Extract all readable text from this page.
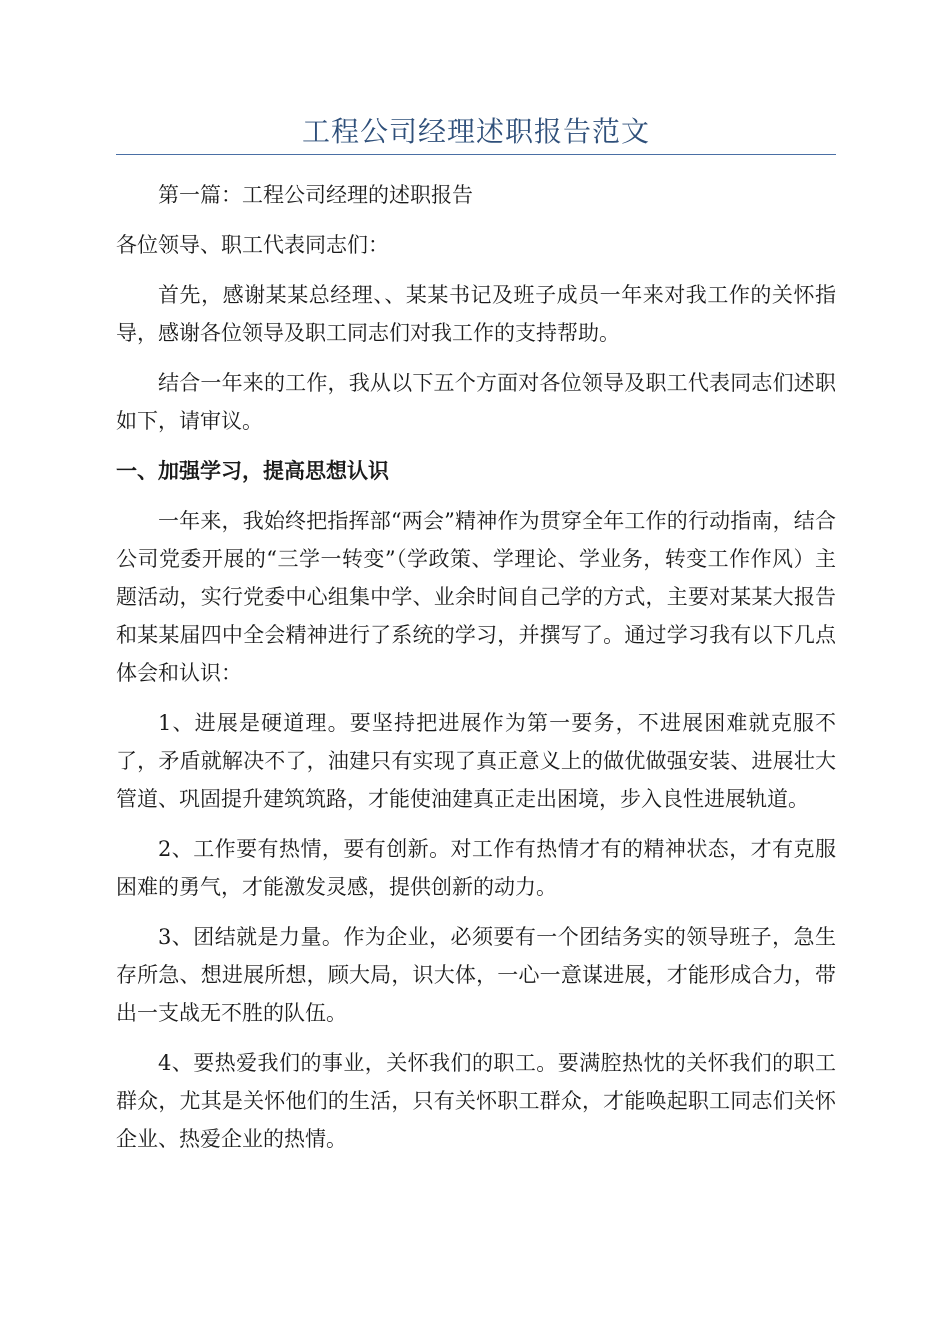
工程公司经理述职报告范文

第一篇：工程公司经理的述职报告

各位领导、职工代表同志们：

首先，感谢某某总经理、、某某书记及班子成员一年来对我工作的关怀指导，感谢各位领导及职工同志们对我工作的支持帮助。

结合一年来的工作，我从以下五个方面对各位领导及职工代表同志们述职如下，请审议。

一、加强学习，提高思想认识

一年来，我始终把指挥部“两会”精神作为贯穿全年工作的行动指南，结合公司党委开展的“三学一转变”（学政策、学理论、学业务，转变工作作风）主题活动，实行党委中心组集中学、业余时间自己学的方式，主要对某某大报告和某某届四中全会精神进行了系统的学习，并撰写了。通过学习我有以下几点体会和认识：

1、进展是硬道理。要坚持把进展作为第一要务，不进展困难就克服不了，矛盾就解决不了，油建只有实现了真正意义上的做优做强安装、进展壮大管道、巩固提升建筑筑路，才能使油建真正走出困境，步入良性进展轨道。

2、工作要有热情，要有创新。对工作有热情才有的精神状态，才有克服困难的勇气，才能激发灵感，提供创新的动力。

3、团结就是力量。作为企业，必须要有一个团结务实的领导班子，急生存所急、想进展所想，顾大局，识大体，一心一意谋进展，才能形成合力，带出一支战无不胜的队伍。

4、要热爱我们的事业，关怀我们的职工。要满腔热忱的关怀我们的职工群众，尤其是关怀他们的生活，只有关怀职工群众，才能唤起职工同志们关怀企业、热爱企业的热情。
